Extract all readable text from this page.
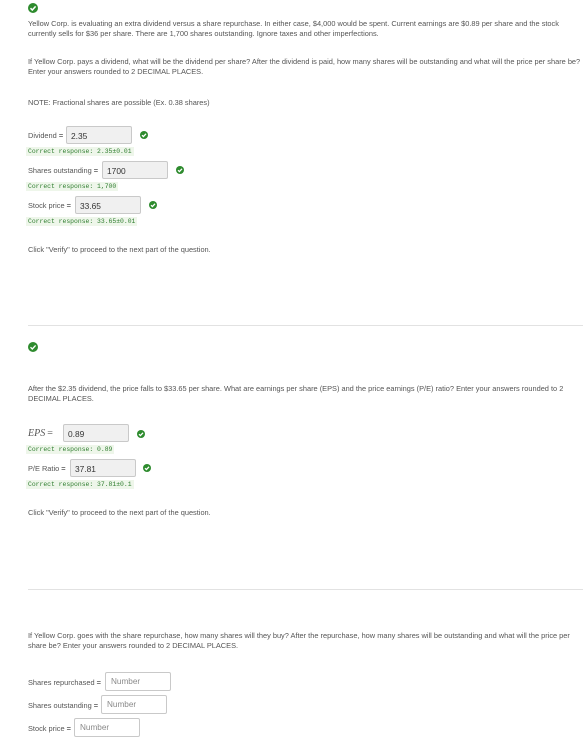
Yellow Corp. is evaluating an extra dividend versus a share repurchase. In either case, $4,000 would be spent. Current earnings are $0.89 per share and the stock currently sells for $36 per share. There are 1,700 shares outstanding. Ignore taxes and other imperfections.
If Yellow Corp. pays a dividend, what will be the dividend per share? After the dividend is paid, how many shares will be outstanding and what will the price per share be? Enter your answers rounded to 2 DECIMAL PLACES.
NOTE: Fractional shares are possible (Ex. 0.38 shares)
Dividend = 2.35
Correct response: 2.35±0.01
Shares outstanding =	1700
Correct response: 1,700
Stock price =	33.65
Correct response: 33.65±0.01
Click "Verify" to proceed to the next part of the question.
After the $2.35 dividend, the price falls to $33.65 per share. What are earnings per share (EPS) and the price earnings (P/E) ratio? Enter your answers rounded to 2 DECIMAL PLACES.
EPS =	0.89
Correct response: 0.89
P/E Ratio =	37.81
Correct response: 37.81±0.1
Click "Verify" to proceed to the next part of the question.
If Yellow Corp. goes with the share repurchase, how many shares will they buy? After the repurchase, how many shares will be outstanding and what will the price per share be? Enter your answers rounded to 2 DECIMAL PLACES.
Shares repurchased =	Number
Shares outstanding =	Number
Stock price =	Number
